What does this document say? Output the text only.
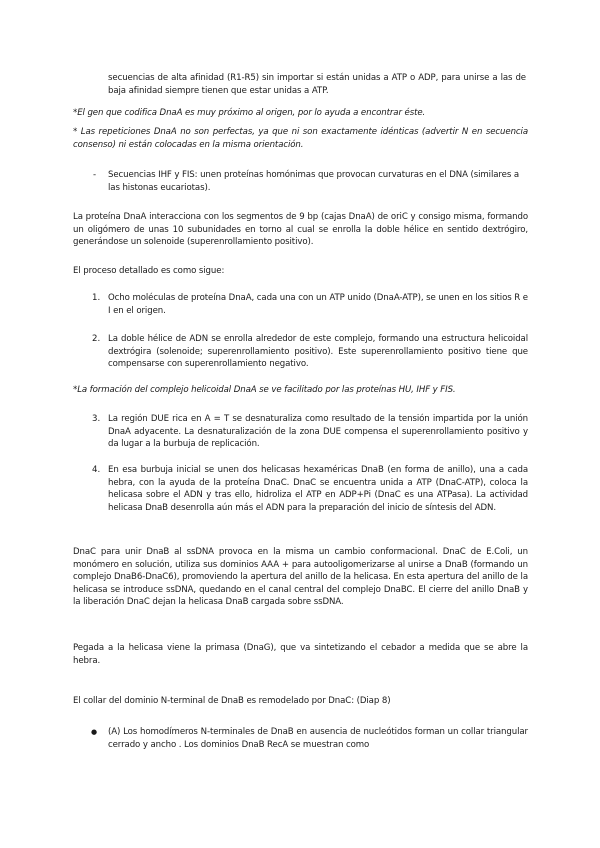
secuencias de alta afinidad (R1-R5) sin importar si están unidas a ATP o ADP, para unirse a las de baja afinidad siempre tienen que estar unidas a ATP.

*El gen que codifica DnaA es muy próximo al origen, por lo ayuda a encontrar éste.

* Las repeticiones DnaA no son perfectas, ya que ni son exactamente idénticas (advertir N en secuencia consenso) ni están colocadas en la misma orientación.

- Secuencias IHF y FIS: unen proteínas homónimas que provocan curvaturas en el DNA (similares a las histonas eucariotas).

La proteína DnaA interacciona con los segmentos de 9 bp (cajas DnaA) de oriC y consigo misma, formando un oligómero de unas 10 subunidades en torno al cual se enrolla la doble hélice en sentido dextrógiro, generándose un solenoide (superenrollamiento positivo).

El proceso detallado es como sigue:

1. Ocho moléculas de proteína DnaA, cada una con un ATP unido (DnaA-ATP), se unen en los sitios R e I en el origen.

2. La doble hélice de ADN se enrolla alrededor de este complejo, formando una estructura helicoidal dextrógira (solenoide; superenrollamiento positivo). Este superenrollamiento positivo tiene que compensarse con superenrollamiento negativo.

*La formación del complejo helicoidal DnaA se ve facilitado por las proteínas HU, IHF y FIS.

3. La región DUE rica en A = T se desnaturaliza como resultado de la tensión impartida por la unión DnaA adyacente. La desnaturalización de la zona DUE compensa el superenrollamiento positivo y da lugar a la burbuja de replicación.

4. En esa burbuja inicial se unen dos helicasas hexaméricas DnaB (en forma de anillo), una a cada hebra, con la ayuda de la proteína DnaC. DnaC se encuentra unida a ATP (DnaC-ATP), coloca la helicasa sobre el ADN y tras ello, hidroliza el ATP en ADP+Pi (DnaC es una ATPasa). La actividad helicasa DnaB desenrolla aún más el ADN para la preparación del inicio de síntesis del ADN.

DnaC para unir DnaB al ssDNA provoca en la misma un cambio conformacional. DnaC de E.Coli, un monómero en solución, utiliza sus dominios AAA + para autooligomerizarse al unirse a DnaB (formando un complejo DnaB6-DnaC6), promoviendo la apertura del anillo de la helicasa. En esta apertura del anillo de la helicasa se introduce ssDNA, quedando en el canal central del complejo DnaBC. El cierre del anillo DnaB y la liberación DnaC dejan la helicasa DnaB cargada sobre ssDNA.

Pegada a la helicasa viene la primasa (DnaG), que va sintetizando el cebador a medida que se abre la hebra.

El collar del dominio N-terminal de DnaB es remodelado por DnaC: (Diap 8)

● (A) Los homodímeros N-terminales de DnaB en ausencia de nucleótidos forman un collar triangular cerrado y ancho . Los dominios DnaB RecA se muestran como
